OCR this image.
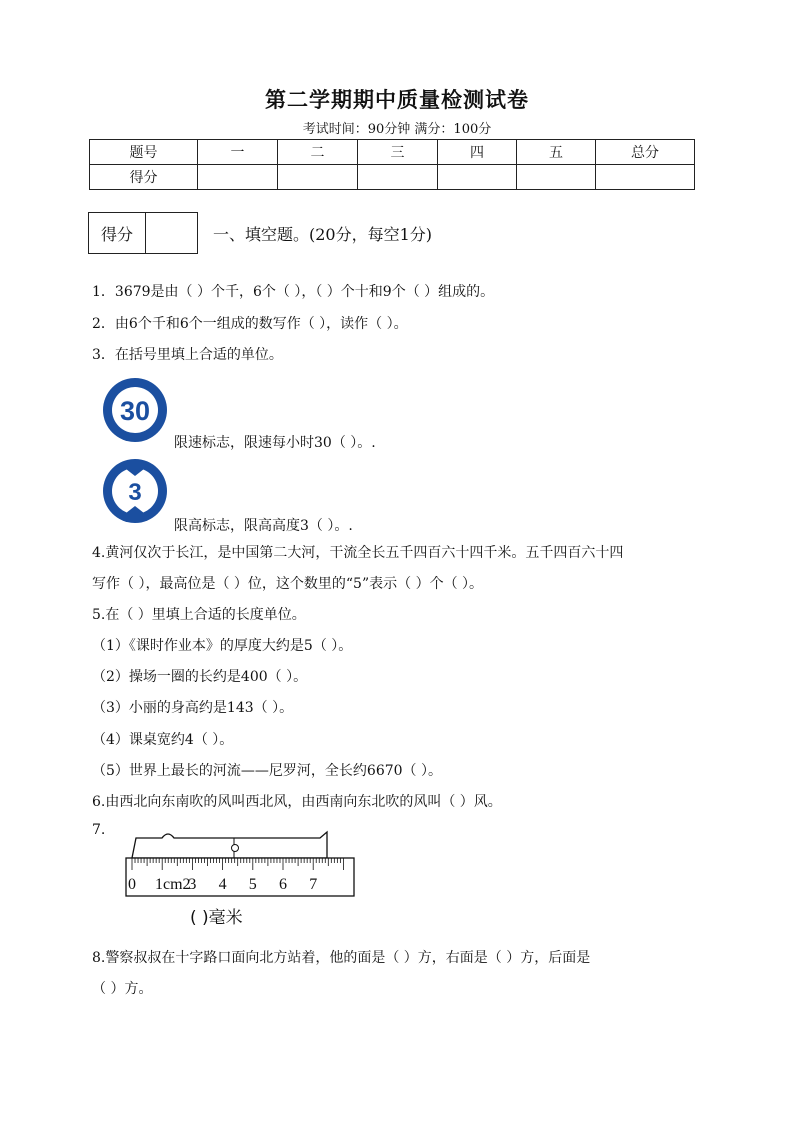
第二学期期中质量检测试卷
考试时间：90分钟 满分：100分
题号	一	二	三	四	五	总分
得分						
得分	一、填空题。(20分，每空1分)
1．3679是由（ ）个千，6个（ ），（ ）个十和9个（ ）组成的。
2．由6个千和6个一组成的数写作（ ），读作（ ）。
3．在括号里填上合适的单位。
30
限速标志，限速每小时30（ ）。.
3
限高标志，限高高度3（ ）。.
4.黄河仅次于长江，是中国第二大河，干流全长五千四百六十四千米。五千四百六十四
写作（ ），最高位是（ ）位，这个数里的“5”表示（ ）个（ ）。
5.在（ ）里填上合适的长度单位。
（1）《课时作业本》的厚度大约是5（ ）。
（2）操场一圈的长约是400（ ）。
（3）小丽的身高约是143（ ）。
（4）课桌宽约4（ ）。
（5）世界上最长的河流——尼罗河，全长约6670（ ）。
6.由西北向东南吹的风叫西北风，由西南向东北吹的风叫（ ）风。
7.
0 1cm2
3 4 5 6 7
( )毫米
8.警察叔叔在十字路口面向北方站着，他的面是（ ）方，右面是（ ）方，后面是
（ ）方。
